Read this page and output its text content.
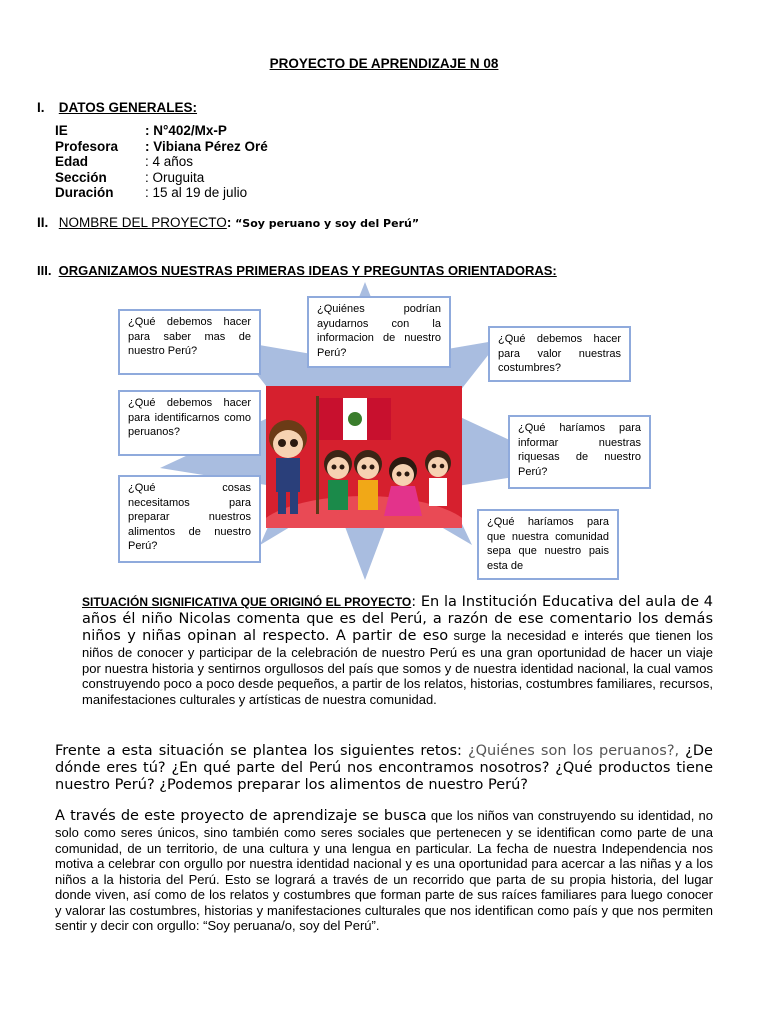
PROYECTO DE APRENDIZAJE N 08
I. DATOS GENERALES:
IE	: N°402/Mx-P
Profesora	: Vibiana Pérez Oré
Edad	: 4 años
Sección	: Oruguita
Duración	: 15 al 19 de julio
II. NOMBRE DEL PROYECTO: “Soy peruano y soy del Perú”
III. ORGANIZAMOS NUESTRAS PRIMERAS IDEAS Y PREGUNTAS ORIENTADORAS:
¿Quiénes podrían ayudarnos con la informacion de nuestro Perú?
¿Qué debemos hacer para valor nuestras costumbres?
¿Qué haríamos para informar nuestras riquesas de nuestro Perú?
¿Qué haríamos para que nuestra comunidad sepa que nuestro pais esta de
¿Qué cosas necesitamos para preparar nuestros alimentos de nuestro Perú?
¿Qué debemos hacer para identificarnos como peruanos?
¿Qué debemos hacer para saber mas de nuestro Perú?
SITUACIÓN SIGNIFICATIVA QUE ORIGINÓ EL PROYECTO: En la Institución Educativa del aula de 4 años él niño Nicolas comenta que es del Perú, a razón de ese comentario los demás niños y niñas opinan al respecto. A partir de eso surge la necesidad e interés que tienen los niños de conocer y participar de la celebración de nuestro Perú es una gran oportunidad de hacer un viaje por nuestra historia y sentirnos orgullosos del país que somos y de nuestra identidad nacional, la cual vamos construyendo poco a poco desde pequeños, a partir de los relatos, historias, costumbres familiares, recursos, manifestaciones culturales y artísticas de nuestra comunidad.
Frente a esta situación se plantea los siguientes retos: ¿Quiénes son los peruanos?, ¿De dónde eres tú? ¿En qué parte del Perú nos encontramos nosotros? ¿Qué productos tiene nuestro Perú? ¿Podemos preparar los alimentos de nuestro Perú?
A través de este proyecto de aprendizaje se busca que los niños van construyendo su identidad, no solo como seres únicos, sino también como seres sociales que pertenecen y se identifican como parte de una comunidad, de un territorio, de una cultura y una lengua en particular. La fecha de nuestra Independencia nos motiva a celebrar con orgullo por nuestra identidad nacional y es una oportunidad para acercar a las niñas y a los niños a la historia del Perú. Esto se logrará a través de un recorrido que parta de su propia historia, del lugar donde viven, así como de los relatos y costumbres que forman parte de sus raíces familiares para luego conocer y valorar las costumbres, historias y manifestaciones culturales que nos identifican como país y que nos permiten sentir y decir con orgullo: “Soy peruana/o, soy del Perú”.
